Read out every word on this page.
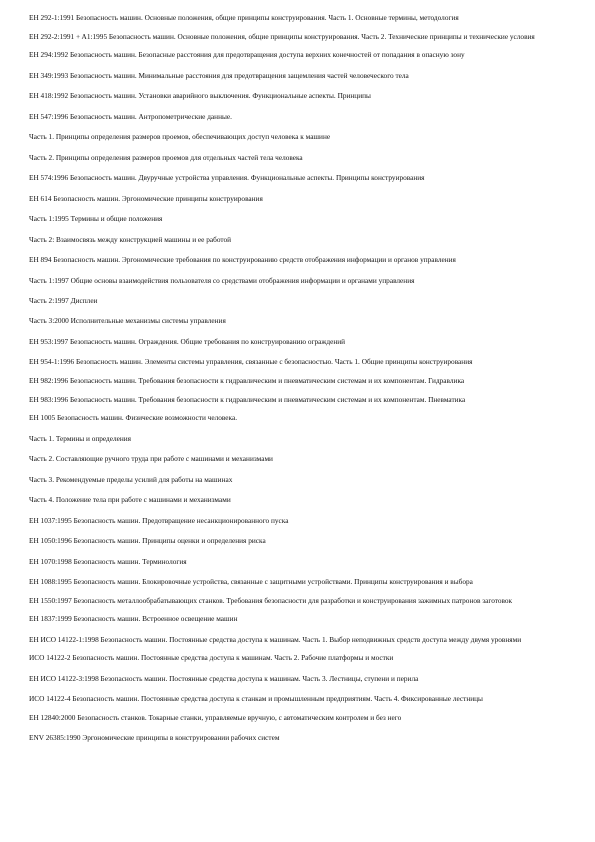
EH 292-1:1991 Безопасность машин. Основные положения, общие принципы конструирования. Часть 1. Основные термины, методология

EH 292-2:1991 + A1:1995 Безопасность машин. Основные положения, общие принципы конструирования. Часть 2. Технические принципы и технические условия

EH 294:1992 Безопасность машин. Безопасные расстояния для предотвращения доступа верхних конечностей от попадания в опасную зону

EH 349:1993 Безопасность машин. Минимальные расстояния для предотвращения защемления частей человеческого тела

EH 418:1992 Безопасность машин. Установки аварийного выключения. Функциональные аспекты. Принципы

EH 547:1996 Безопасность машин. Антропометрические данные.

Часть 1. Принципы определения размеров проемов, обеспечивающих доступ человека к машине

Часть 2. Принципы определения размеров проемов для отдельных частей тела человека

EH 574:1996 Безопасность машин. Двуручные устройства управления. Функциональные аспекты. Принципы конструирования

EH 614 Безопасность машин. Эргономические принципы конструирования

Часть 1:1995 Термины и общие положения

Часть 2: Взаимосвязь между конструкцией машины и ее работой

EH 894 Безопасность машин. Эргономические требования по конструированию средств отображения информации и органов управления

Часть 1:1997 Общие основы взаимодействия пользователя со средствами отображения информации и органами управления

Часть 2:1997 Дисплеи

Часть 3:2000 Исполнительные механизмы системы управления

EH 953:1997 Безопасность машин. Ограждения. Общие требования по конструированию ограждений

EH 954-1:1996 Безопасность машин. Элементы системы управления, связанные с безопасностью. Часть 1. Общие принципы конструирования

EH 982:1996 Безопасность машин. Требования безопасности к гидравлическим и пневматическим системам и их компонентам. Гидравлика

EH 983:1996 Безопасность машин. Требования безопасности к гидравлическим и пневматическим системам и их компонентам. Пневматика

EH 1005 Безопасность машин. Физические возможности человека.

Часть 1. Термины и определения

Часть 2. Составляющие ручного труда при работе с машинами и механизмами

Часть 3. Рекомендуемые пределы усилий для работы на машинах

Часть 4. Положение тела при работе с машинами и механизмами

EH 1037:1995 Безопасность машин. Предотвращение несанкционированного пуска

EH 1050:1996 Безопасность машин. Принципы оценки и определения риска

EH 1070:1998 Безопасность машин. Терминология

EH 1088:1995 Безопасность машин. Блокировочные устройства, связанные с защитными устройствами. Принципы конструирования и выбора

EH 1550:1997 Безопасность металлообрабатывающих станков. Требования безопасности для разработки и конструирования зажимных патронов заготовок

EH 1837:1999 Безопасность машин. Встроенное освещение машин

EH ИСО 14122-1:1998 Безопасность машин. Постоянные средства доступа к машинам. Часть 1. Выбор неподвижных средств доступа между двумя уровнями

ИСО 14122-2 Безопасность машин. Постоянные средства доступа к машинам. Часть 2. Рабочие платформы и мостки

EH ИСО 14122-3:1998 Безопасность машин. Постоянные средства доступа к машинам. Часть 3. Лестницы, ступени и перила

ИСО 14122-4 Безопасность машин. Постоянные средства доступа к станкам и промышленным предприятиям. Часть 4. Фиксированные лестницы

EH 12840:2000 Безопасность станков. Токарные станки, управляемые вручную, с автоматическим контролем и без него

ENV 26385:1990 Эргономические принципы в конструировании рабочих систем
